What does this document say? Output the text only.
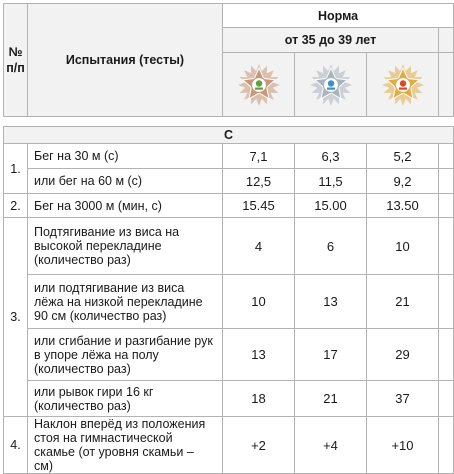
№ п/п	Испытания (тесты)	Норма			
		от 35 до 39 лет			

С					
1.	Бег на 30 м (с)	7,1	6,3	5,2	
	или бег на 60 м (с)	12,5	11,5	9,2	
2.	Бег на 3000 м (мин, с)	15.45	15.00	13.50	
3.	Подтягивание из виса на высокой перекладине (количество раз)	4	6	10	
	или подтягивание из виса лёжа на низкой перекладине 90 см (количество раз)	10	13	21	
	или сгибание и разгибание рук в упоре лёжа на полу (количество раз)	13	17	29	
	или рывок гири 16 кг (количество раз)	18	21	37	
4.	Наклон вперёд из положения стоя на гимнастической скамье (от уровня скамьи – см)	+2	+4	+10	
